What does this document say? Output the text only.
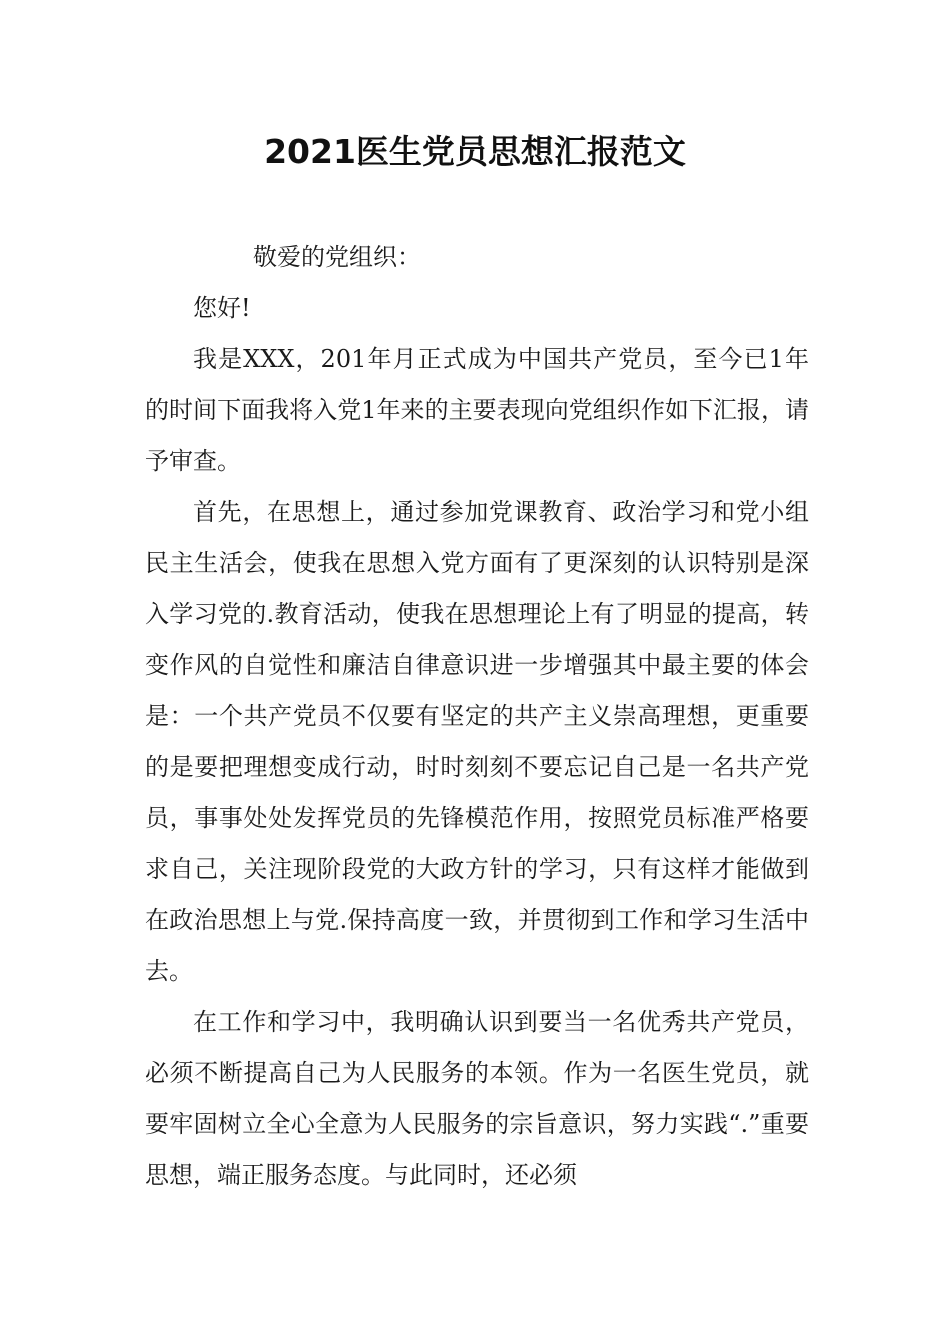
2021医生党员思想汇报范文

敬爱的党组织：

您好!

我是XXX，201年月正式成为中国共产党员，至今已1年的时间下面我将入党1年来的主要表现向党组织作如下汇报，请予审查。

首先，在思想上，通过参加党课教育、政治学习和党小组民主生活会，使我在思想入党方面有了更深刻的认识特别是深入学习党的.教育活动，使我在思想理论上有了明显的提高，转变作风的自觉性和廉洁自律意识进一步增强其中最主要的体会是：一个共产党员不仅要有坚定的共产主义崇高理想，更重要的是要把理想变成行动，时时刻刻不要忘记自己是一名共产党员，事事处处发挥党员的先锋模范作用，按照党员标准严格要求自己，关注现阶段党的大政方针的学习，只有这样才能做到在政治思想上与党.保持高度一致，并贯彻到工作和学习生活中去。

在工作和学习中，我明确认识到要当一名优秀共产党员，必须不断提高自己为人民服务的本领。作为一名医生党员，就要牢固树立全心全意为人民服务的宗旨意识，努力实践“.”重要思想，端正服务态度。与此同时，还必须
